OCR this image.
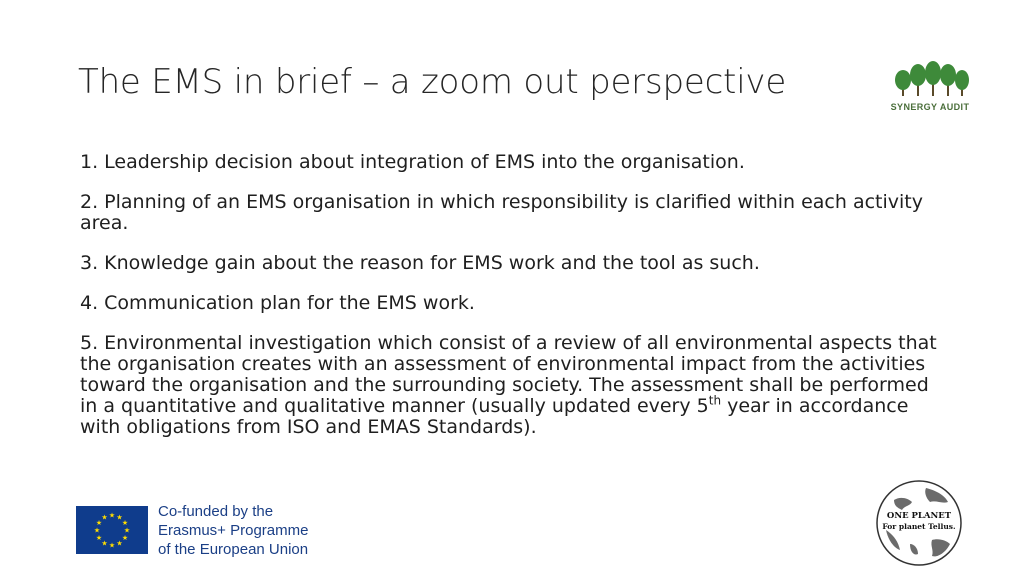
The EMS in brief – a zoom out perspective
SYNERGY AUDIT
1. Leadership decision about integration of EMS into the organisation.
2. Planning of an EMS organisation in which responsibility is clarified within each activity area.
3. Knowledge gain about the reason for EMS work and the tool as such.
4. Communication plan for the EMS work.
5. Environmental investigation which consist of a review of all environmental aspects that the organisation creates with an assessment of environmental impact from the activities toward the organisation and the surrounding society. The assessment shall be performed in a quantitative and qualitative manner (usually updated every 5th year in accordance with obligations from ISO and EMAS Standards).
★ ★
★
★
★
★
★
★
★
★
★
★	Co-funded by the
Erasmus+ Programme
of the European Union
ONE PLANET
For planet Tellus.
